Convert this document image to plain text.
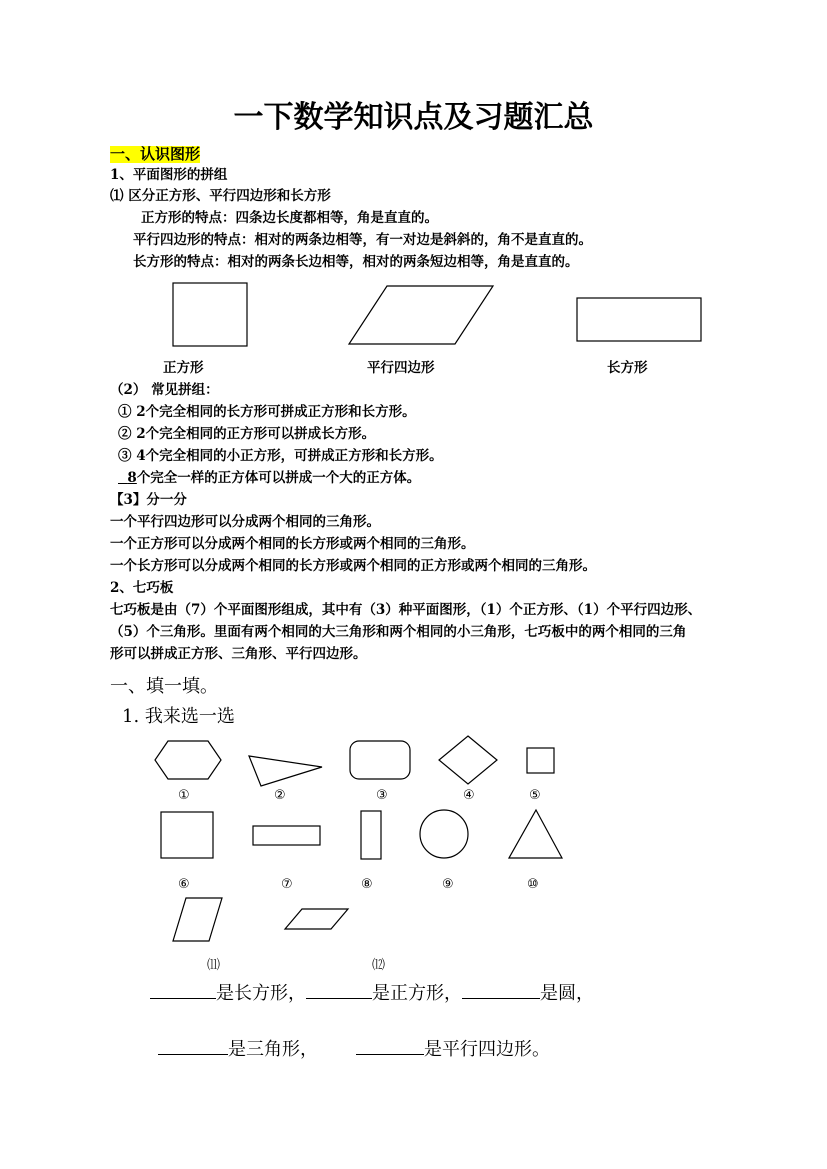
一下数学知识点及习题汇总
一、认识图形
1、平面图形的拼组
⑴ 区分正方形、平行四边形和长方形
正方形的特点：四条边长度都相等，角是直直的。
平行四边形的特点：相对的两条边相等，有一对边是斜斜的，角不是直直的。
长方形的特点：相对的两条长边相等，相对的两条短边相等，角是直直的。
正方形	平行四边形	长方形
（2） 常见拼组：
① 2个完全相同的长方形可拼成正方形和长方形。
② 2个完全相同的正方形可以拼成长方形。
③ 4个完全相同的小正方形，可拼成正方形和长方形。
8个完全一样的正方体可以拼成一个大的正方体。
【3】分一分
一个平行四边形可以分成两个相同的三角形。
一个正方形可以分成两个相同的长方形或两个相同的三角形。
一个长方形可以分成两个相同的长方形或两个相同的正方形或两个相同的三角形。
2、七巧板
七巧板是由（7）个平面图形组成，其中有（3）种平面图形，（1）个正方形、（1）个平行四边形、
（5）个三角形。里面有两个相同的大三角形和两个相同的小三角形，七巧板中的两个相同的三角
形可以拼成正方形、三角形、平行四边形。
一、填一填。
1. 我来选一选
①	②	③	④	⑤
⑥	⑦	⑧	⑨	⑩
⑾	⑿
是长方形，	是正方形，	是圆，
是三角形，	是平行四边形。
